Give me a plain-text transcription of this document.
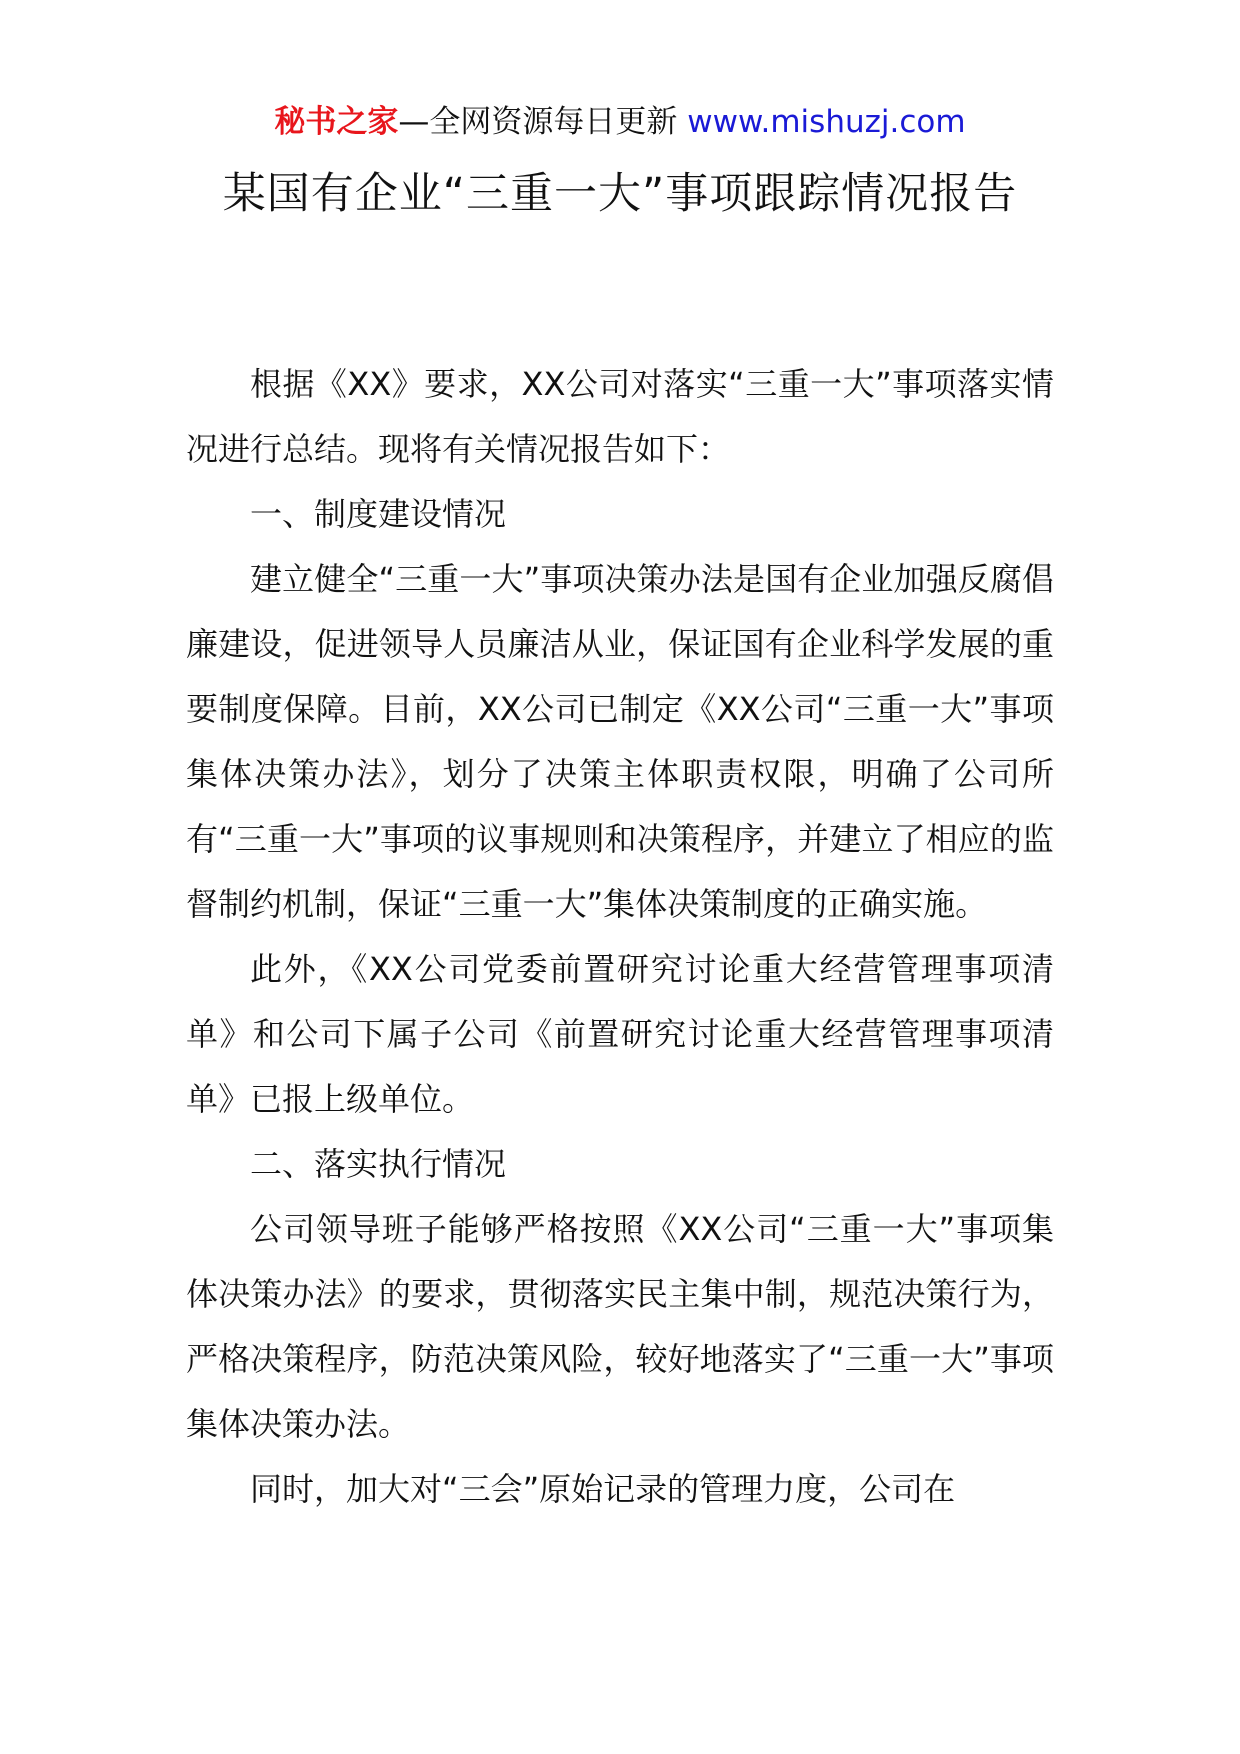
秘书之家—全网资源每日更新 www.mishuzj.com
某国有企业“三重一大”事项跟踪情况报告

根据《XX》要求，XX公司对落实“三重一大”事项落实情况进行总结。现将有关情况报告如下：

一、制度建设情况

建立健全“三重一大”事项决策办法是国有企业加强反腐倡廉建设，促进领导人员廉洁从业，保证国有企业科学发展的重要制度保障。目前，XX公司已制定《XX公司“三重一大”事项集体决策办法》，划分了决策主体职责权限，明确了公司所有“三重一大”事项的议事规则和决策程序，并建立了相应的监督制约机制，保证“三重一大”集体决策制度的正确实施。

此外，《XX公司党委前置研究讨论重大经营管理事项清单》和公司下属子公司《前置研究讨论重大经营管理事项清单》已报上级单位。

二、落实执行情况

公司领导班子能够严格按照《XX公司“三重一大”事项集体决策办法》的要求，贯彻落实民主集中制，规范决策行为，严格决策程序，防范决策风险，较好地落实了“三重一大”事项集体决策办法。

同时，加大对“三会”原始记录的管理力度，公司在
